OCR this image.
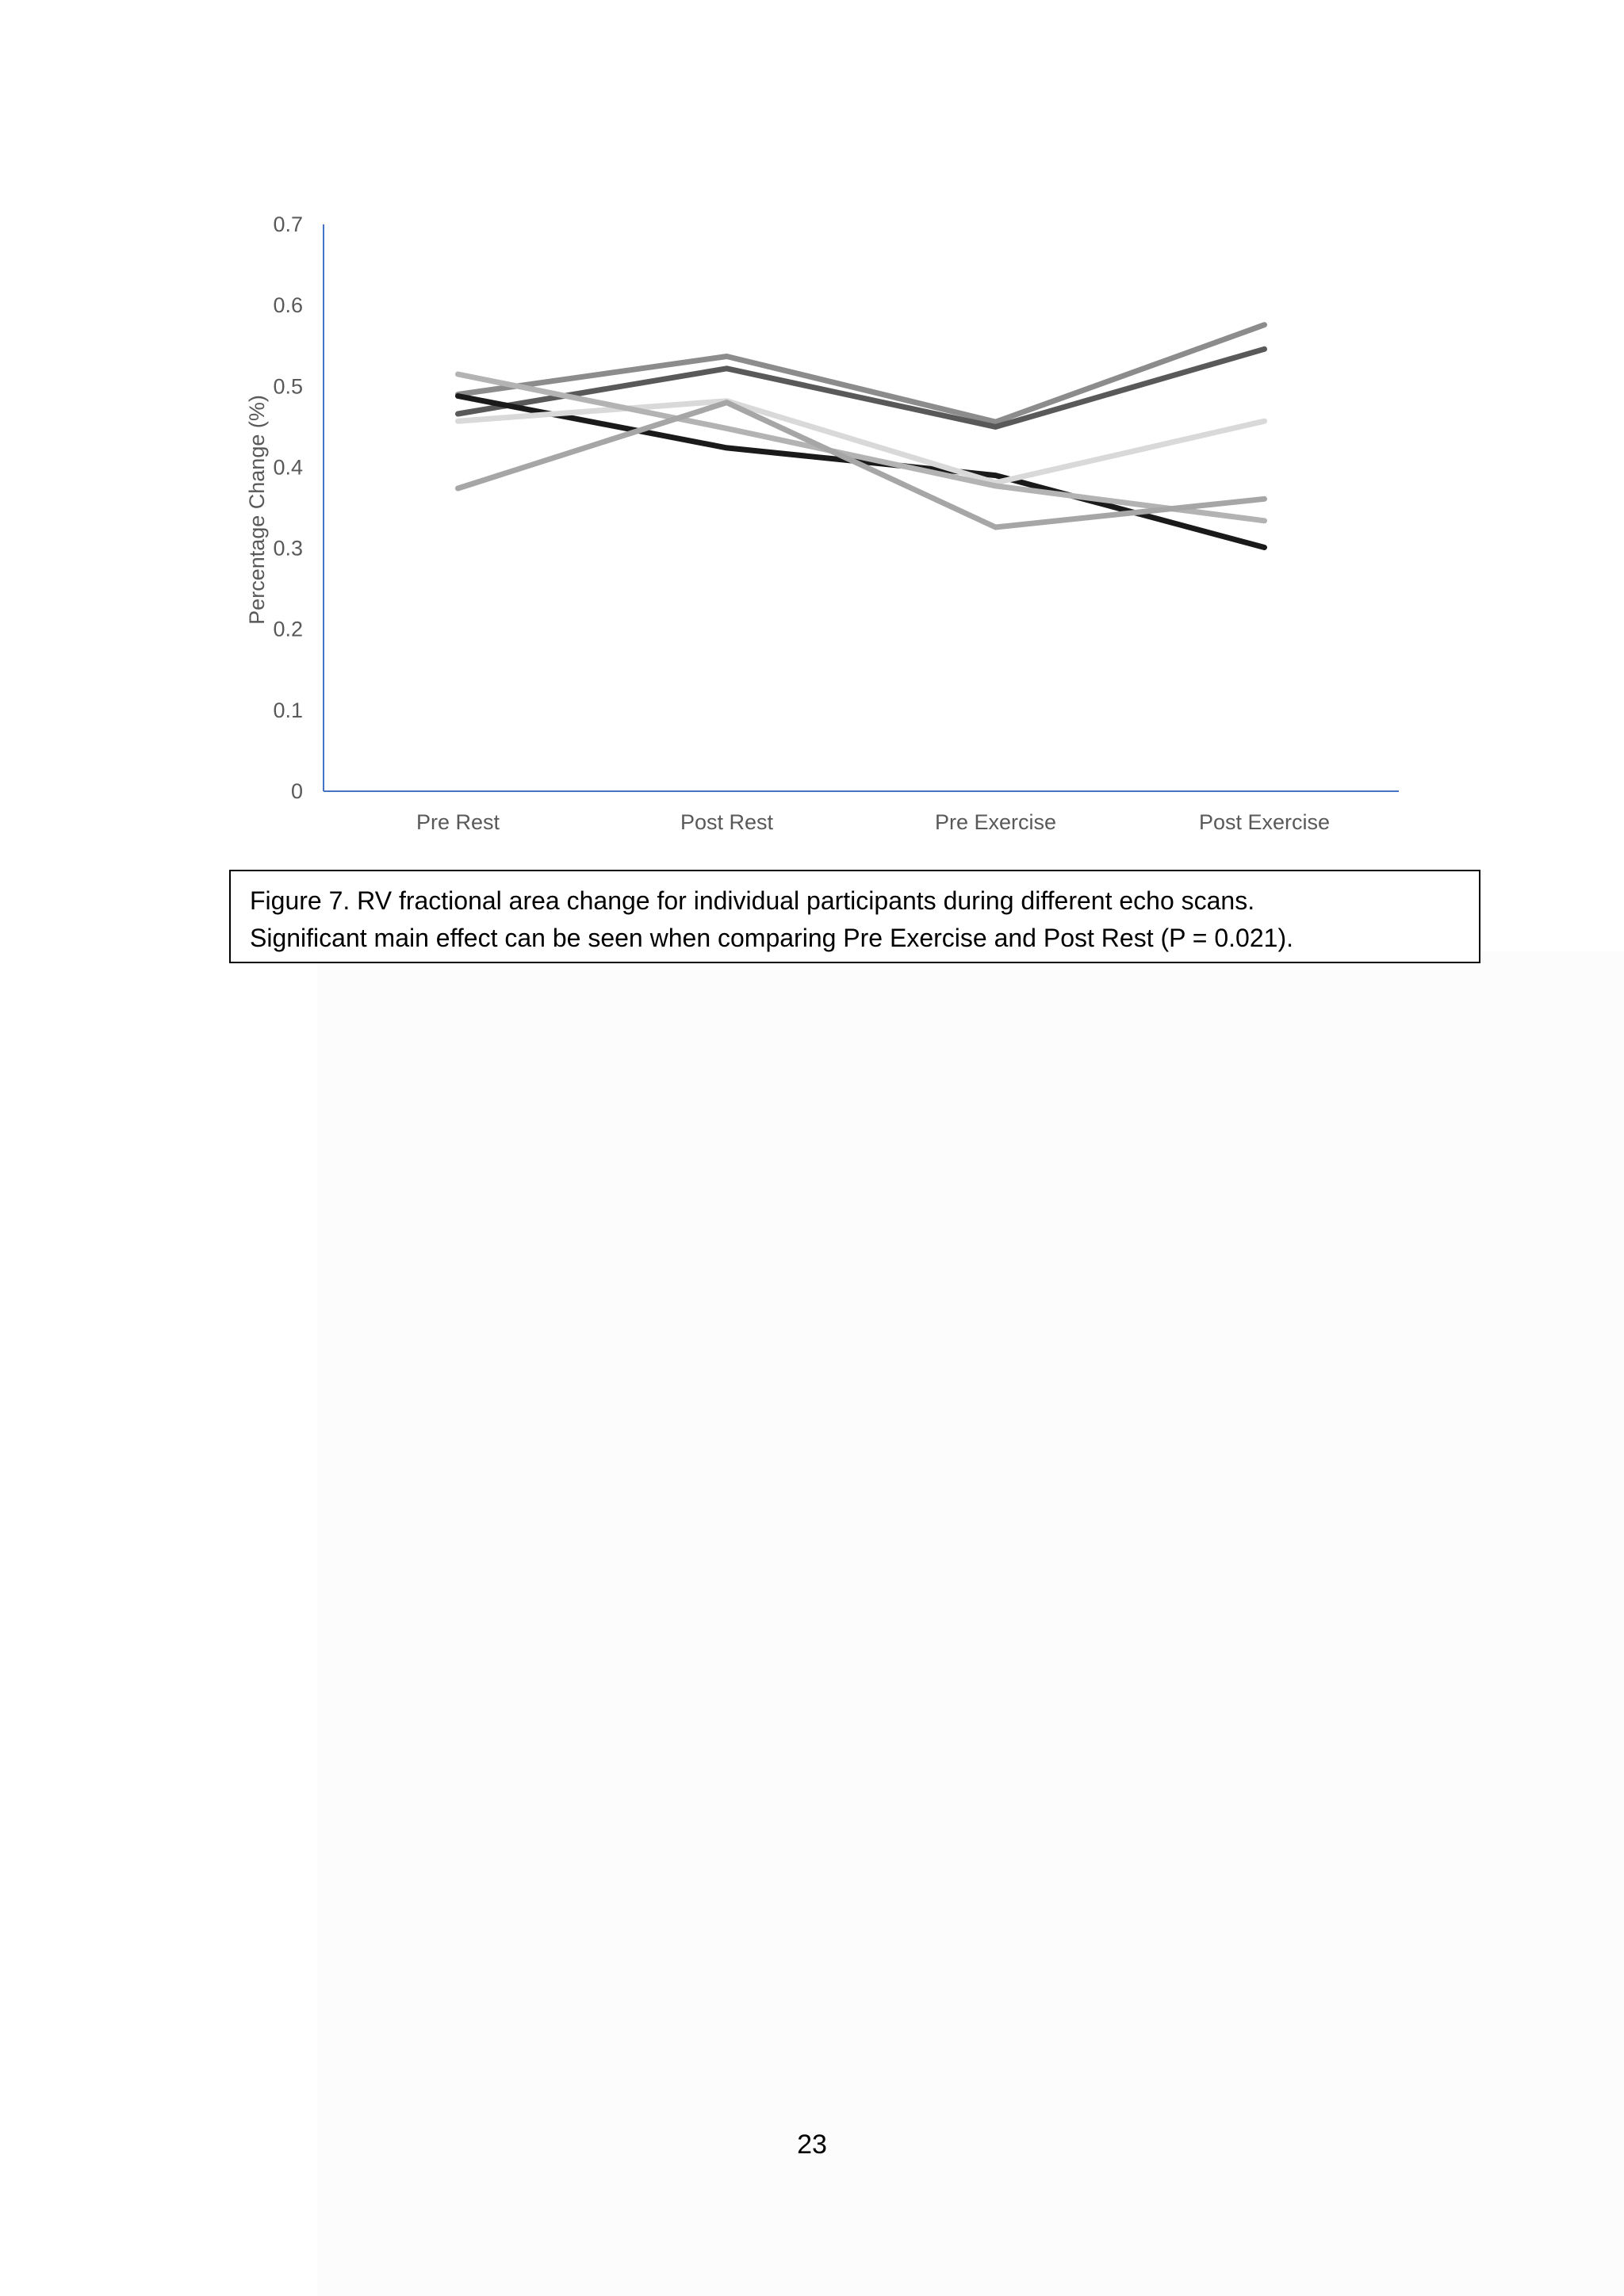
0
0.1
0.2
0.3
0.4
0.5
0.6
0.7
Pre Rest	Post Rest	Pre Exercise	Post Exercise
Percentage Change (%)
Figure 7. RV fractional area change for individual participants during different echo scans.
Significant main effect can be seen when comparing Pre Exercise and Post Rest (P = 0.021).
23
